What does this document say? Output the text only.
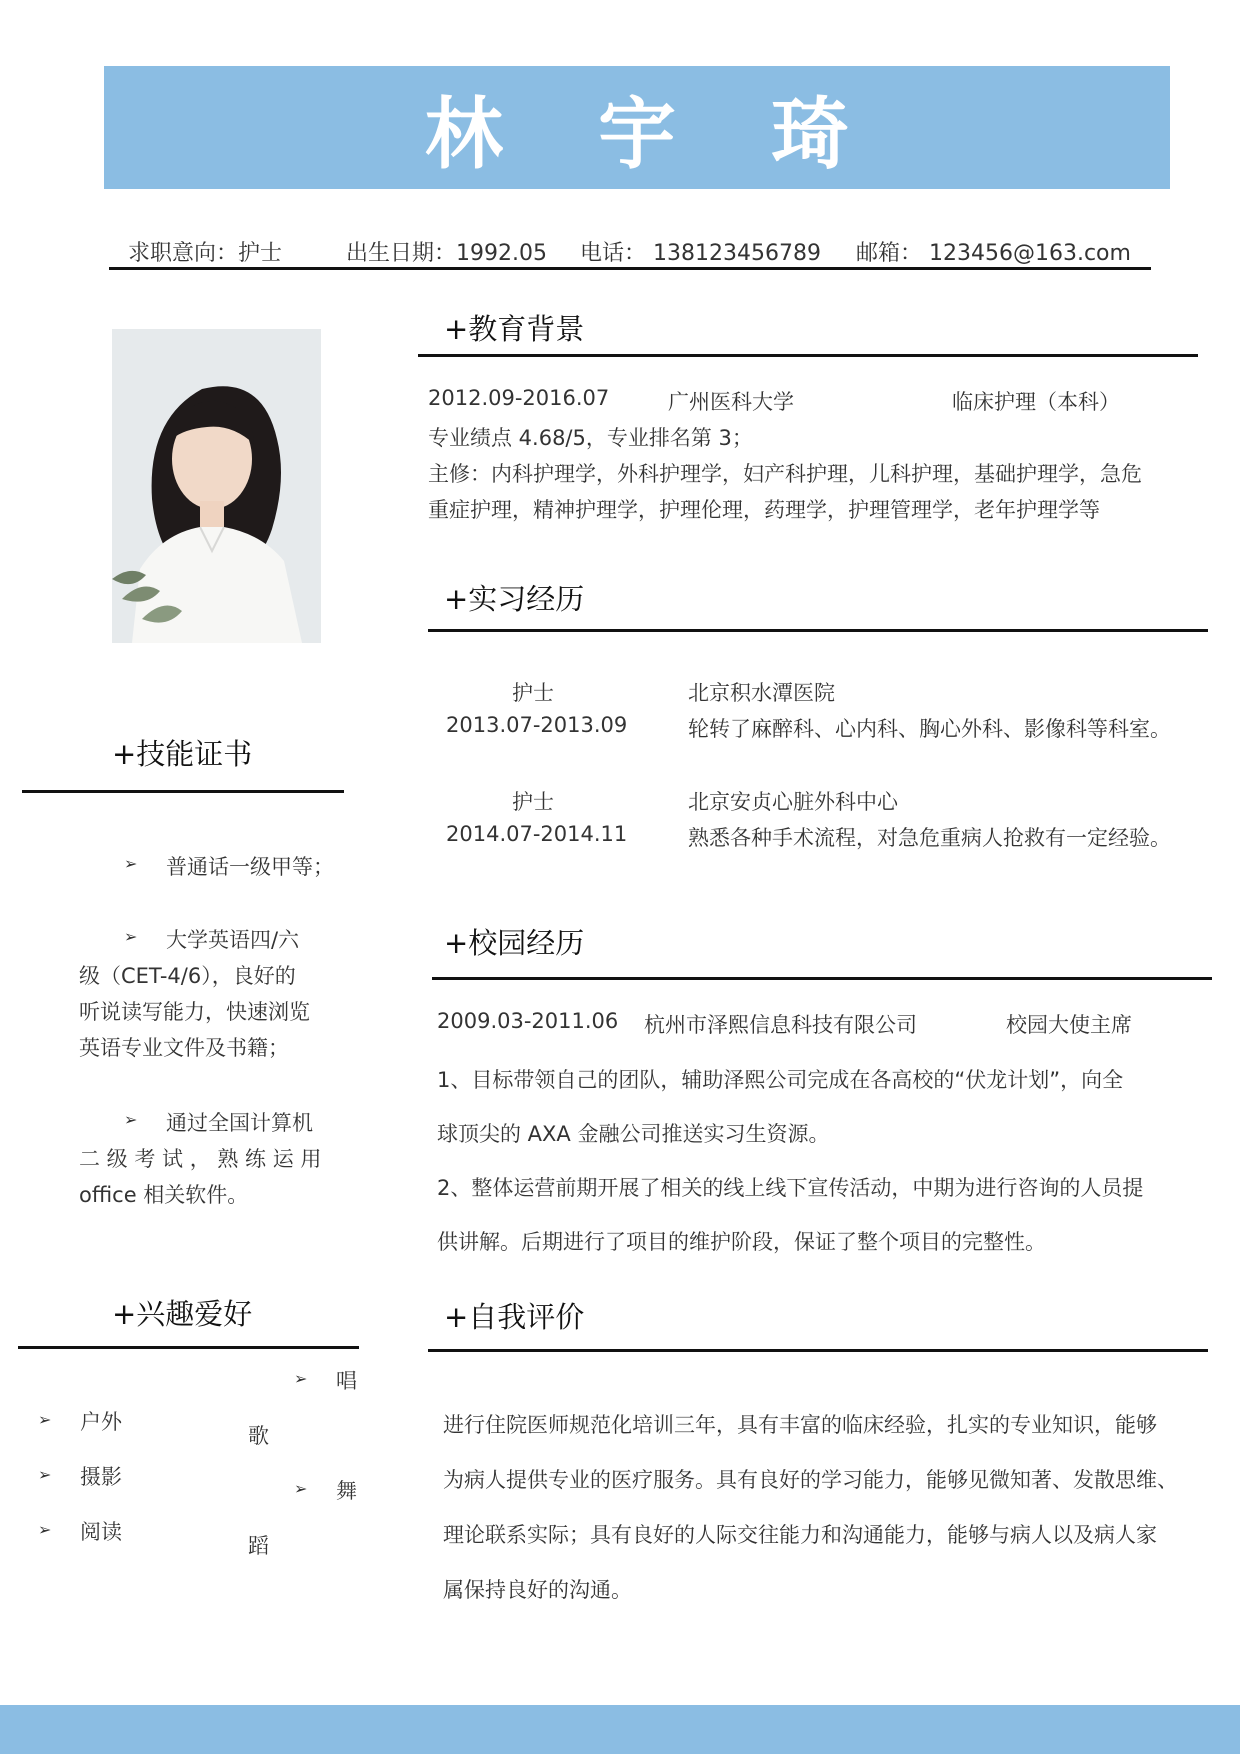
林 宇 琦
求职意向：护士	出生日期：1992.05 电话： 138123456789 邮箱： 123456@163.com
+技能证书
➢ 普通话一级甲等；
➢ 大学英语四/六
级（CET-4/6），良好的
听说读写能力，快速浏览
英语专业文件及书籍；
➢ 通过全国计算机
二 级 考 试 ， 熟 练 运 用
office 相关软件。
+兴趣爱好
➢ 户外
➢ 摄影
➢ 阅读
➢ 唱
歌
➢ 舞
蹈
+教育背景
2012.09-2016.07	广州医科大学	临床护理（本科）
专业绩点 4.68/5，专业排名第 3；
主修：内科护理学，外科护理学，妇产科护理，儿科护理，基础护理学，急危
重症护理，精神护理学，护理伦理，药理学，护理管理学，老年护理学等
+实习经历
护士	北京积水潭医院
2013.07-2013.09	轮转了麻醉科、心内科、胸心外科、影像科等科室。
护士	北京安贞心脏外科中心
2014.07-2014.11	熟悉各种手术流程，对急危重病人抢救有一定经验。
+校园经历
2009.03-2011.06 杭州市泽熙信息科技有限公司	校园大使主席
1、目标带领自己的团队，辅助泽熙公司完成在各高校的“伏龙计划”，向全
球顶尖的 AXA 金融公司推送实习生资源。
2、整体运营前期开展了相关的线上线下宣传活动，中期为进行咨询的人员提
供讲解。后期进行了项目的维护阶段，保证了整个项目的完整性。
+自我评价
进行住院医师规范化培训三年，具有丰富的临床经验，扎实的专业知识，能够
为病人提供专业的医疗服务。具有良好的学习能力，能够见微知著、发散思维、
理论联系实际；具有良好的人际交往能力和沟通能力，能够与病人以及病人家
属保持良好的沟通。
